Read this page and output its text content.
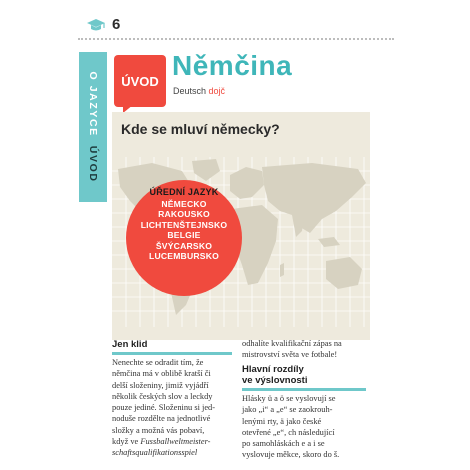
6
O JAZYCE  ÚVOD
ÚVOD Němčina
Deutsch dojč
Kde se mluví německy?
ÚŘEDNÍ JAZYK
NĚMECKO
RAKOUSKO
LICHTENŠTEJNSKO
BELGIE
ŠVÝCARSKO
LUCEMBURSKO
Jen klid
Nenechte se odradit tím, že
němčina má v oblibě kratší či
delší složeniny, jimiž vyjádří
několik českých slov a leckdy
pouze jediné. Složeninu si jed-
noduše rozdělte na jednotlivé
složky a možná vás pobaví,
když ve Fussballweltmeister-
schaftsqualifikationsspiel
odhalíte kvalifikační zápas na
mistrovství světa ve fotbale!
Hlavní rozdíly
ve výslovnosti
Hlásky ü a ö se vyslovují se
jako „i“ a „e“ se zaokrouh-
lenými rty, ä jako české
otevřené „e“, ch následující
po samohláskách e a i se
vyslovuje měkce, skoro do š.
